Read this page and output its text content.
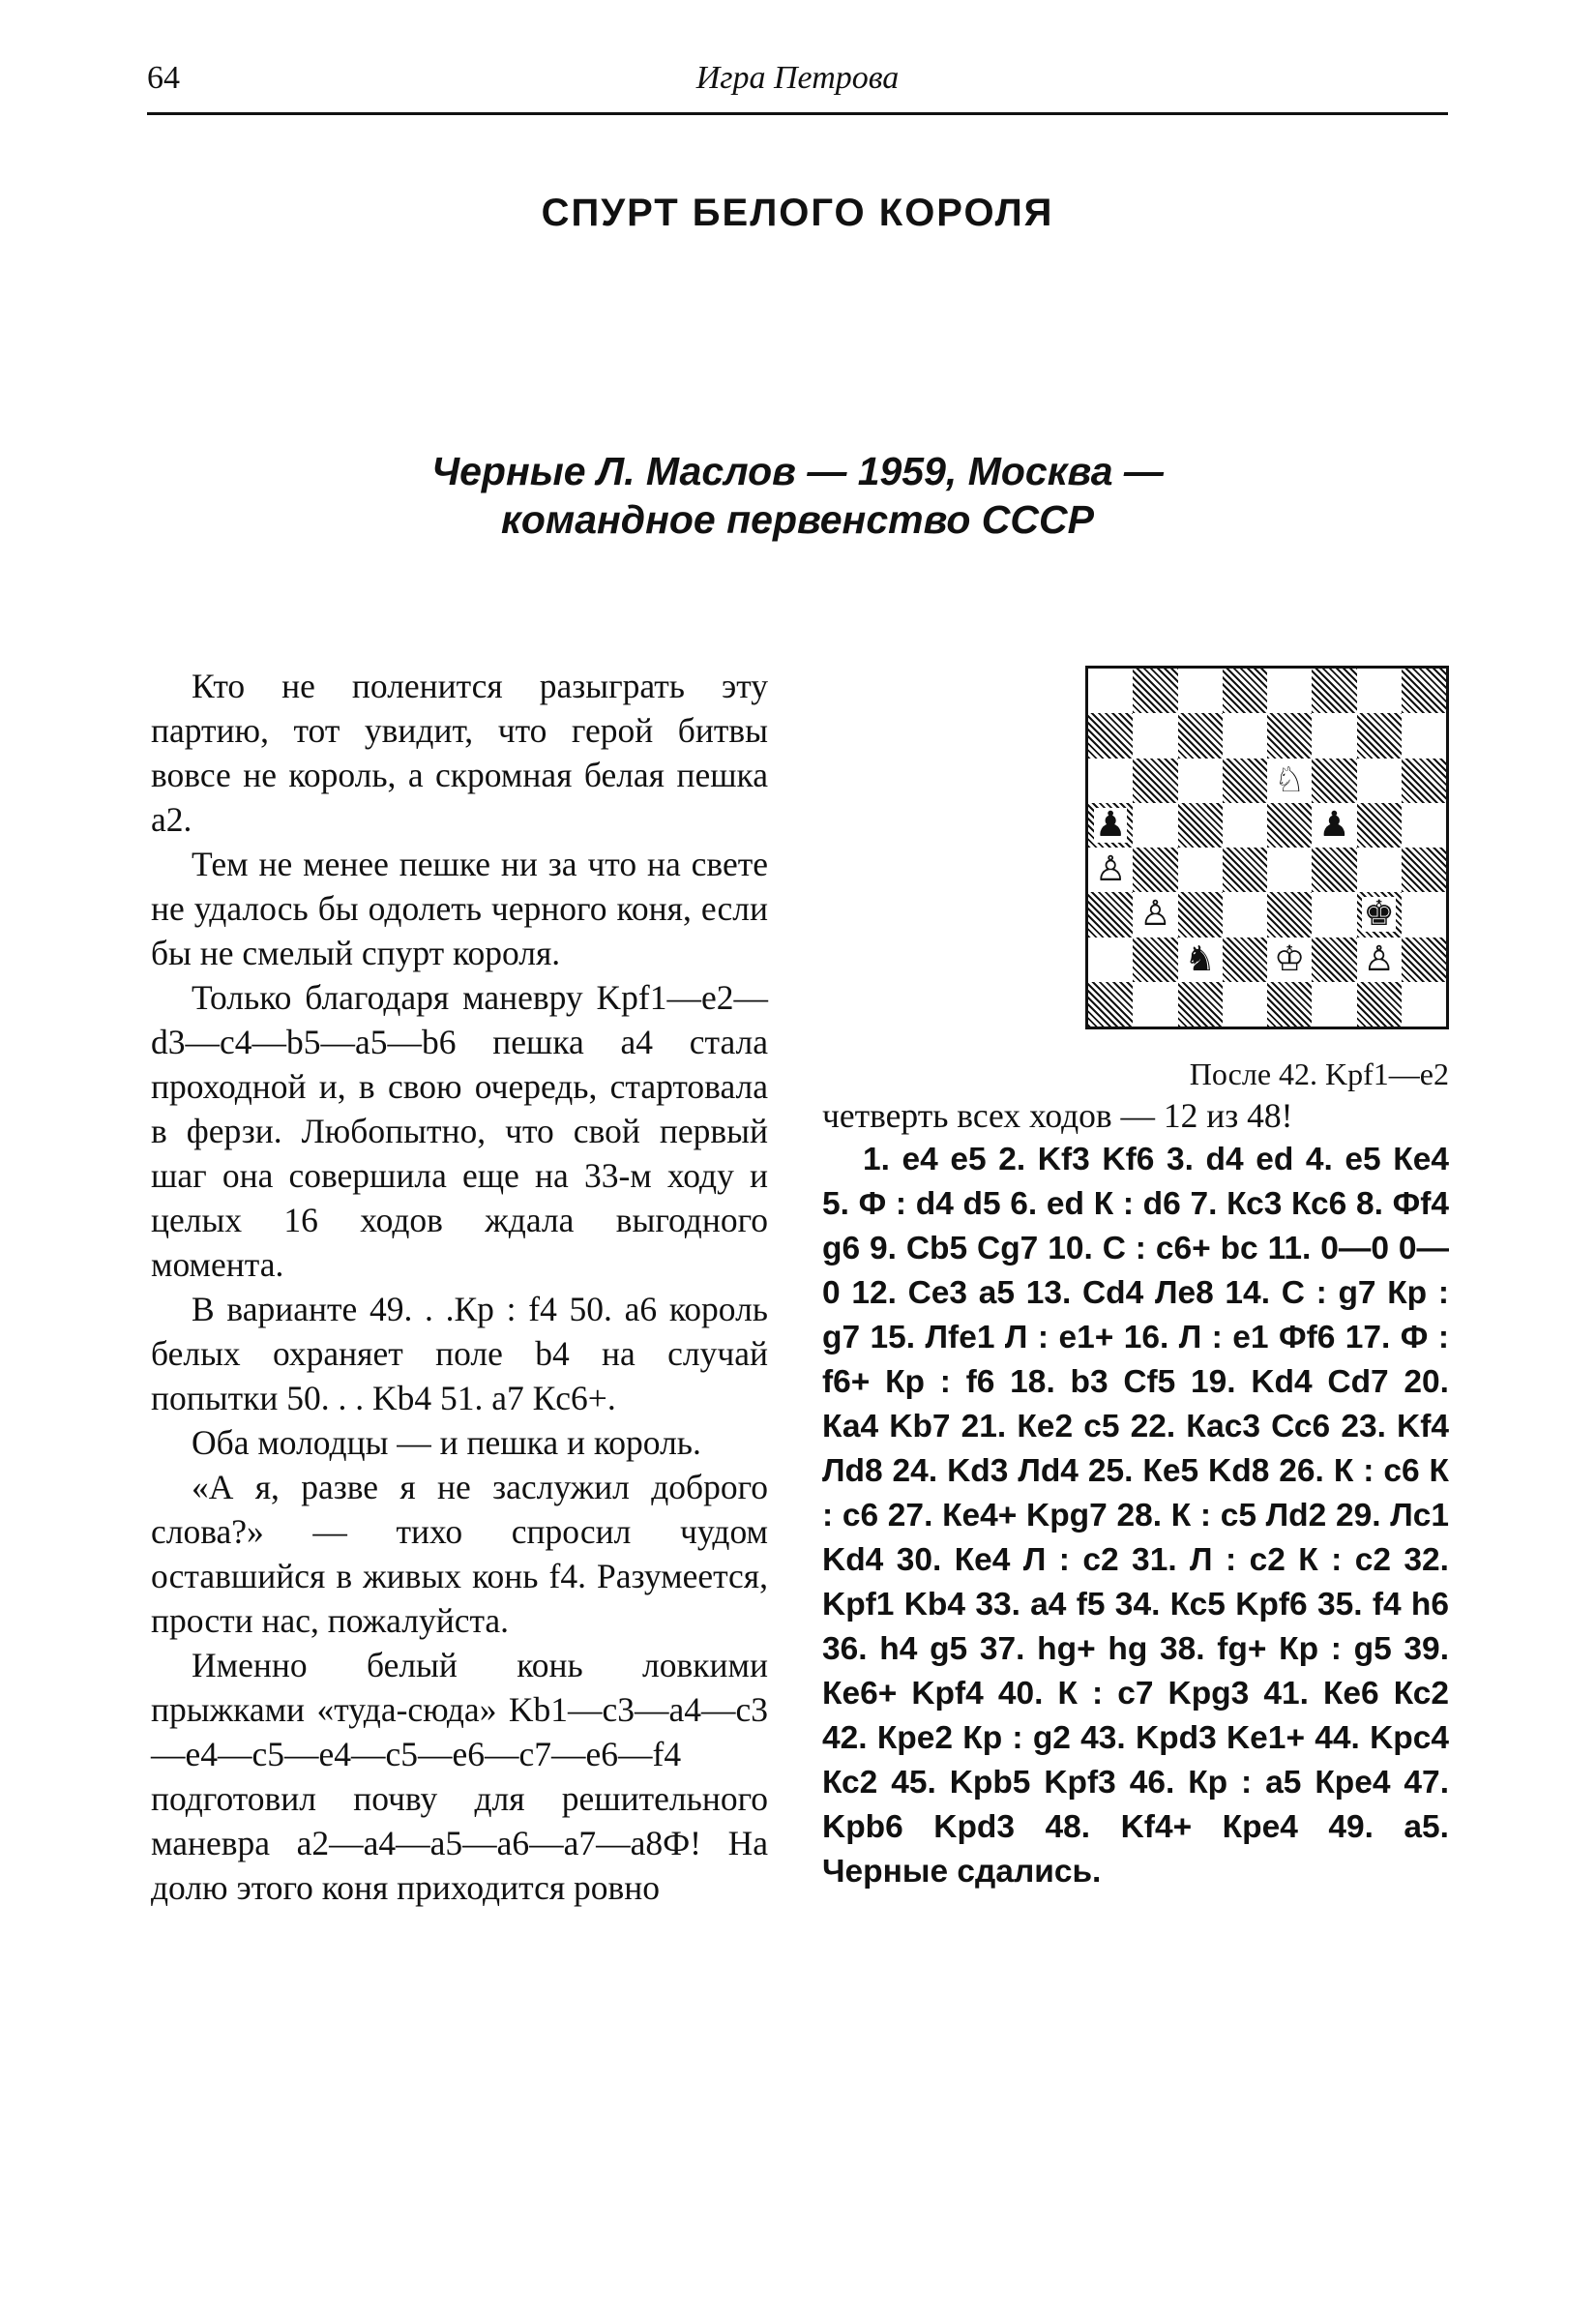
64	Игра Петрова
СПУРТ БЕЛОГО КОРОЛЯ
Черные Л. Маслов — 1959, Москва —
командное первенство СССР

Кто не поленится разыграть эту партию, тот увидит, что герой битвы вовсе не король, а скромная белая пешка а2.

Тем не менее пешке ни за что на свете не удалось бы одолеть черного коня, если бы не смелый спурт короля.

Только благодаря маневру Kpf1—e2—d3—c4—b5—a5—b6 пешка а4 стала проходной и, в свою очередь, стартовала в ферзи. Любопытно, что свой первый шаг она совершила еще на 33-м ходу и целых 16 ходов ждала выгодного момента.

В варианте 49. . .Кр : f4 50. а6 король белых охраняет поле b4 на случай попытки 50. . . Kb4 51. а7 Кc6+.

Оба молодцы — и пешка и король.

«А я, разве я не заслужил доброго слова?» — тихо спросил чудом оставшийся в живых конь f4. Разумеется, прости нас, пожалуйста.

Именно белый конь ловкими прыжками «туда-сюда» Kb1—c3—a4—c3—e4—c5—e4—c5—e6—c7—e6—f4 подготовил почву для решительного маневра а2—а4—а5—а6—а7—а8Ф! На долю этого коня приходится ровно

♘
♟	♟
♙
♙	♚
♞ ♔ ♙
После 42. Kpf1—e2

четверть всех ходов — 12 из 48!

1. е4 е5 2. Kf3 Kf6 3. d4 ed 4. е5 Ке4 5. Ф : d4 d5 6. ed К : d6 7. Кс3 Кс6 8. Фf4 g6 9. Cb5 Cg7 10. С : с6+ bc 11. 0—0 0—0 12. Се3 а5 13. Cd4 Ле8 14. С : g7 Кр : g7 15. Лfe1 Л : е1+ 16. Л : е1 Фf6 17. Ф : f6+ Кр : f6 18. b3 Cf5 19. Kd4 Cd7 20. Ка4 Kb7 21. Ке2 с5 22. Кас3 Сс6 23. Kf4 Лd8 24. Kd3 Лd4 25. Ке5 Kd8 26. К : с6 К : с6 27. Ке4+ Kpg7 28. К : с5 Лd2 29. Лс1 Kd4 30. Ке4 Л : с2 31. Л : с2 К : с2 32. Kpf1 Kb4 33. а4 f5 34. Кс5 Kpf6 35. f4 h6 36. h4 g5 37. hg+ hg 38. fg+ Кр : g5 39. Ке6+ Kpf4 40. К : с7 Kpg3 41. Ке6 Кс2 42. Кре2 Кр : g2 43. Kpd3 Ke1+ 44. Kpc4 Кс2 45. Kpb5 Kpf3 46. Кр : а5 Кре4 47. Kpb6 Kpd3 48. Kf4+ Кре4 49. а5. Черные сдались.
